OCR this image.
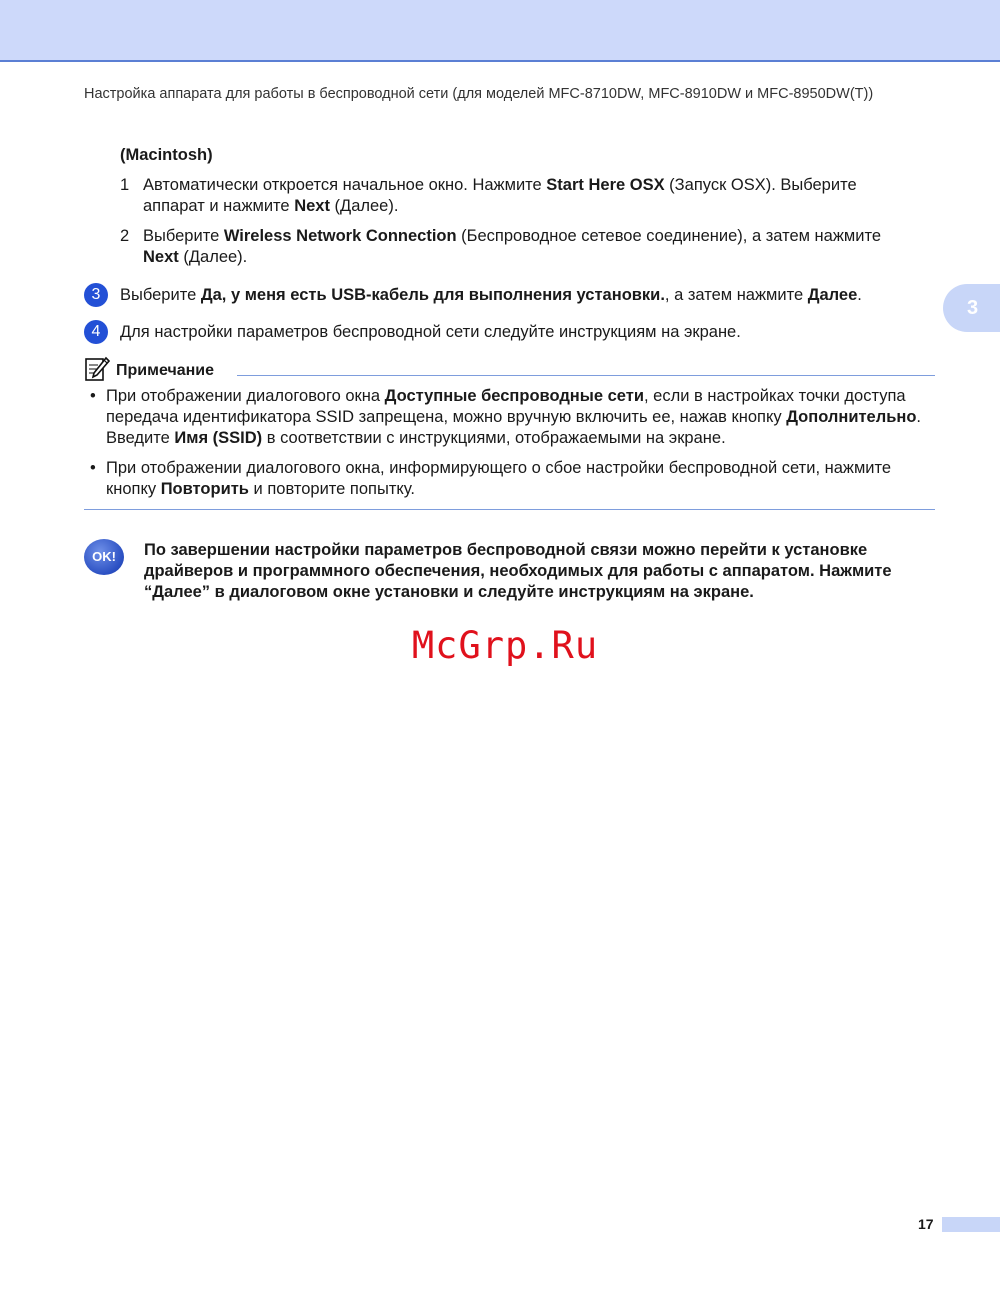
Настройка аппарата для работы в беспроводной сети (для моделей MFC-8710DW, MFC-8910DW и MFC-8950DW(T))
3
(Macintosh)
1 Автоматически откроется начальное окно. Нажмите Start Here OSX (Запуск OSX). Выберите аппарат и нажмите Next (Далее).
2 Выберите Wireless Network Connection (Беспроводное сетевое соединение), а затем нажмите Next (Далее).
3	Выберите Да, у меня есть USB-кабель для выполнения установки., а затем нажмите Далее.
4	Для настройки параметров беспроводной сети следуйте инструкциям на экране.
Примечание
• При отображении диалогового окна Доступные беспроводные сети, если в настройках точки доступа передача идентификатора SSID запрещена, можно вручную включить ее, нажав кнопку Дополнительно. Введите Имя (SSID) в соответствии с инструкциями, отображаемыми на экране.
• При отображении диалогового окна, информирующего о сбое настройки беспроводной сети, нажмите кнопку Повторить и повторите попытку.
OK!	По завершении настройки параметров беспроводной связи можно перейти к установке драйверов и программного обеспечения, необходимых для работы с аппаратом. Нажмите “Далее” в диалоговом окне установки и следуйте инструкциям на экране.
McGrp.Ru
17
